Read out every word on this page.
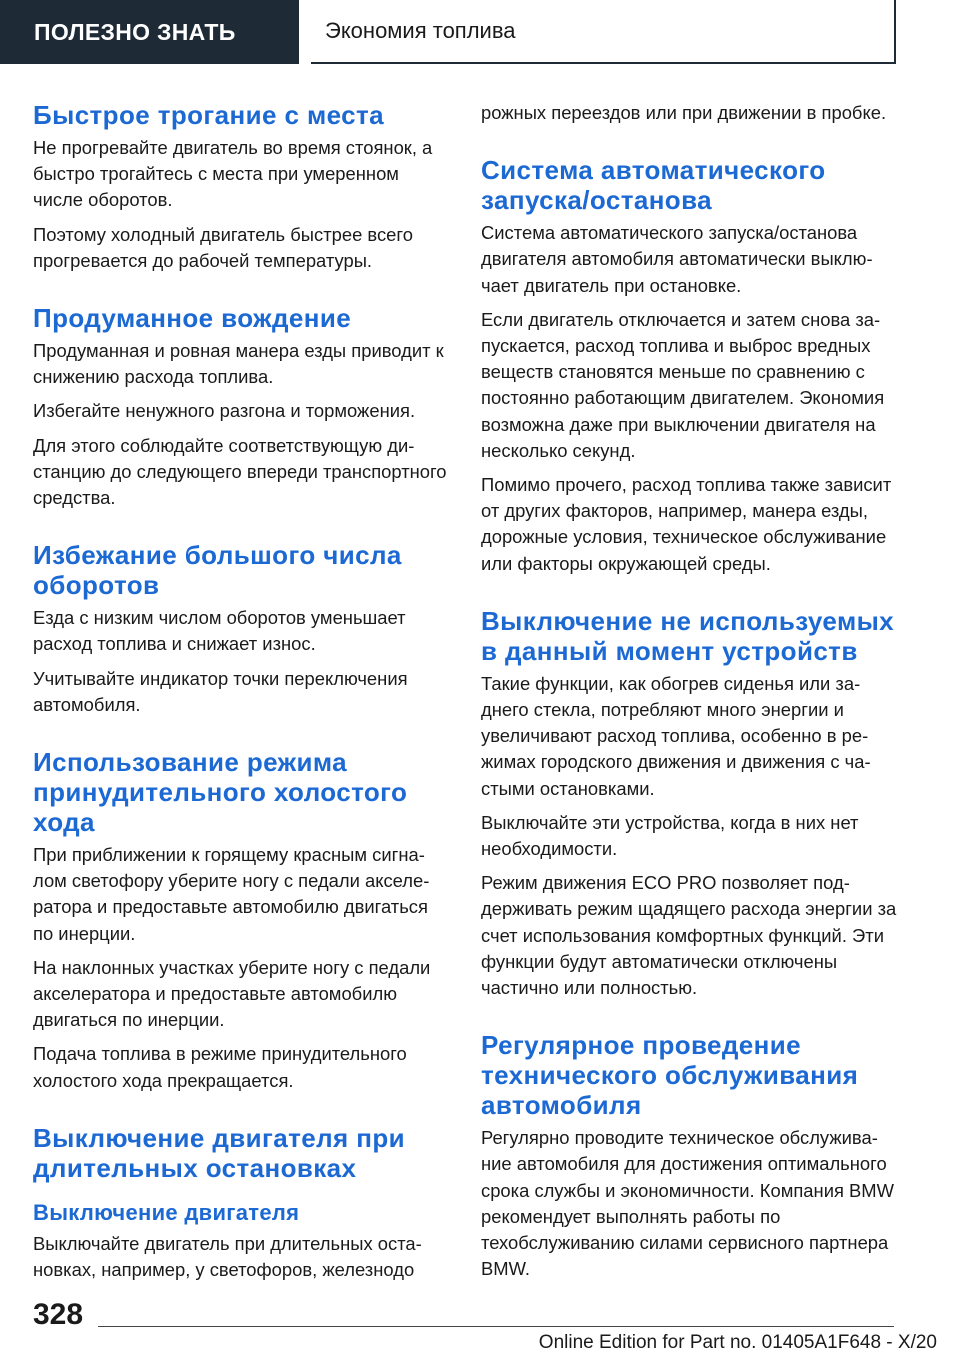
ПОЛЕЗНО ЗНАТЬ	Экономия топлива
Быстрое трогание с места

Не прогревайте двигатель во время стоянок, а быстро трогайтесь с места при умеренном числе оборотов.

Поэтому холодный двигатель быстрее всего прогревается до рабочей температуры.

Продуманное вождение

Продуманная и ровная манера езды приводит к снижению расхода топлива.

Избегайте ненужного разгона и торможения.

Для этого соблюдайте соответствующую дистанцию до следующего впереди транспортного средства.

Избежание большого числа оборотов

Езда с низким числом оборотов уменьшает расход топлива и снижает износ.

Учитывайте индикатор точки переключения автомобиля.

Использование режима принудительного холостого хода

При приближении к горящему красным сигналом светофору уберите ногу с педали акселератора и предоставьте автомобилю двигаться по инерции.

На наклонных участках уберите ногу с педали акселератора и предоставьте автомобилю двигаться по инерции.

Подача топлива в режиме принудительного холостого хода прекращается.

Выключение двигателя при длительных остановках
Выключение двигателя

Выключайте двигатель при длительных остановках, например, у светофоров, железнодо

рожных переездов или при движении в пробке.

Система автоматического запуска/останова

Система автоматического запуска/останова двигателя автомобиля автоматически выключает двигатель при остановке.

Если двигатель отключается и затем снова запускается, расход топлива и выброс вредных веществ становятся меньше по сравнению с постоянно работающим двигателем. Экономия возможна даже при выключении двигателя на несколько секунд.

Помимо прочего, расход топлива также зависит от других факторов, например, манера езды, дорожные условия, техническое обслуживание или факторы окружающей среды.

Выключение не используемых в данный момент устройств

Такие функции, как обогрев сиденья или заднего стекла, потребляют много энергии и увеличивают расход топлива, особенно в режимах городского движения и движения с частыми остановками.

Выключайте эти устройства, когда в них нет необходимости.

Режим движения ECO PRO позволяет поддерживать режим щадящего расхода энергии за счет использования комфортных функций. Эти функции будут автоматически отключены частично или полностью.

Регулярное проведение технического обслуживания автомобиля

Регулярно проводите техническое обслуживание автомобиля для достижения оптимального срока службы и экономичности. Компания BMW рекомендует выполнять работы по техобслуживанию силами сервисного партнера BMW.

328
Online Edition for Part no. 01405A1F648 - X/20
